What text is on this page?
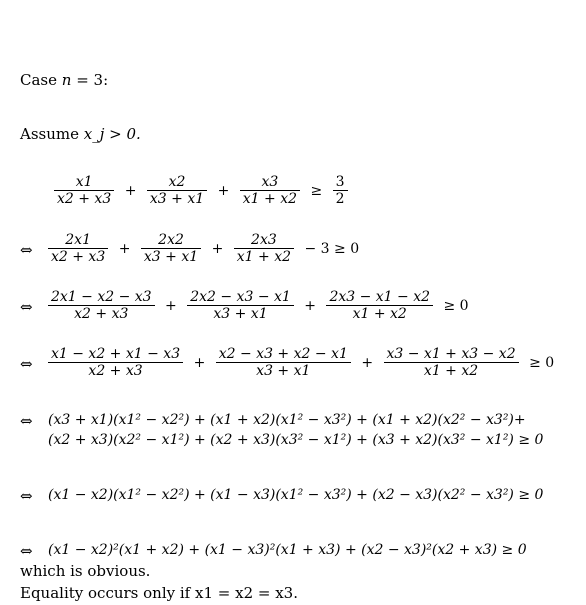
Case n = 3:
Assume x_j > 0.
$\frac{x1}{x2 + x3} + \frac{x2}{x3 + x1} + \frac{x3}{x1 + x2} \ge \frac{3}{2}$
⇔ $\frac{2x1}{x2 + x3} + \frac{2x2}{x3 + x1} + \frac{2x3}{x1 + x2} - 3 \ge 0$
⇔ $\frac{2x1 - x2 - x3}{x2 + x3} + \frac{2x2 - x3 - x1}{x3 + x1} + \frac{2x3 - x1 - x2}{x1 + x2} \ge 0$
⇔ $\frac{x1 - x2 + x1 - x3}{x2 + x3} + \frac{x2 - x3 + x2 - x1}{x3 + x1} + \frac{x3 - x1 + x3 - x2}{x1 + x2} \ge 0$
⇔ (x3 + x1)(x1² − x2²) + (x1 + x2)(x1² − x3²) + (x1 + x2)(x2² − x3²)+
(x2 + x3)(x2² − x1²) + (x2 + x3)(x3² − x1²) + (x3 + x2)(x3² − x1²) ≥ 0
⇔ (x1 − x2)(x1² − x2²) + (x1 − x3)(x1² − x3²) + (x2 − x3)(x2² − x3²) ≥ 0
⇔ (x1 − x2)²(x1 + x2) + (x1 − x3)²(x1 + x3) + (x2 − x3)²(x2 + x3) ≥ 0
which is obvious.
Equality occurs only if x1 = x2 = x3.
